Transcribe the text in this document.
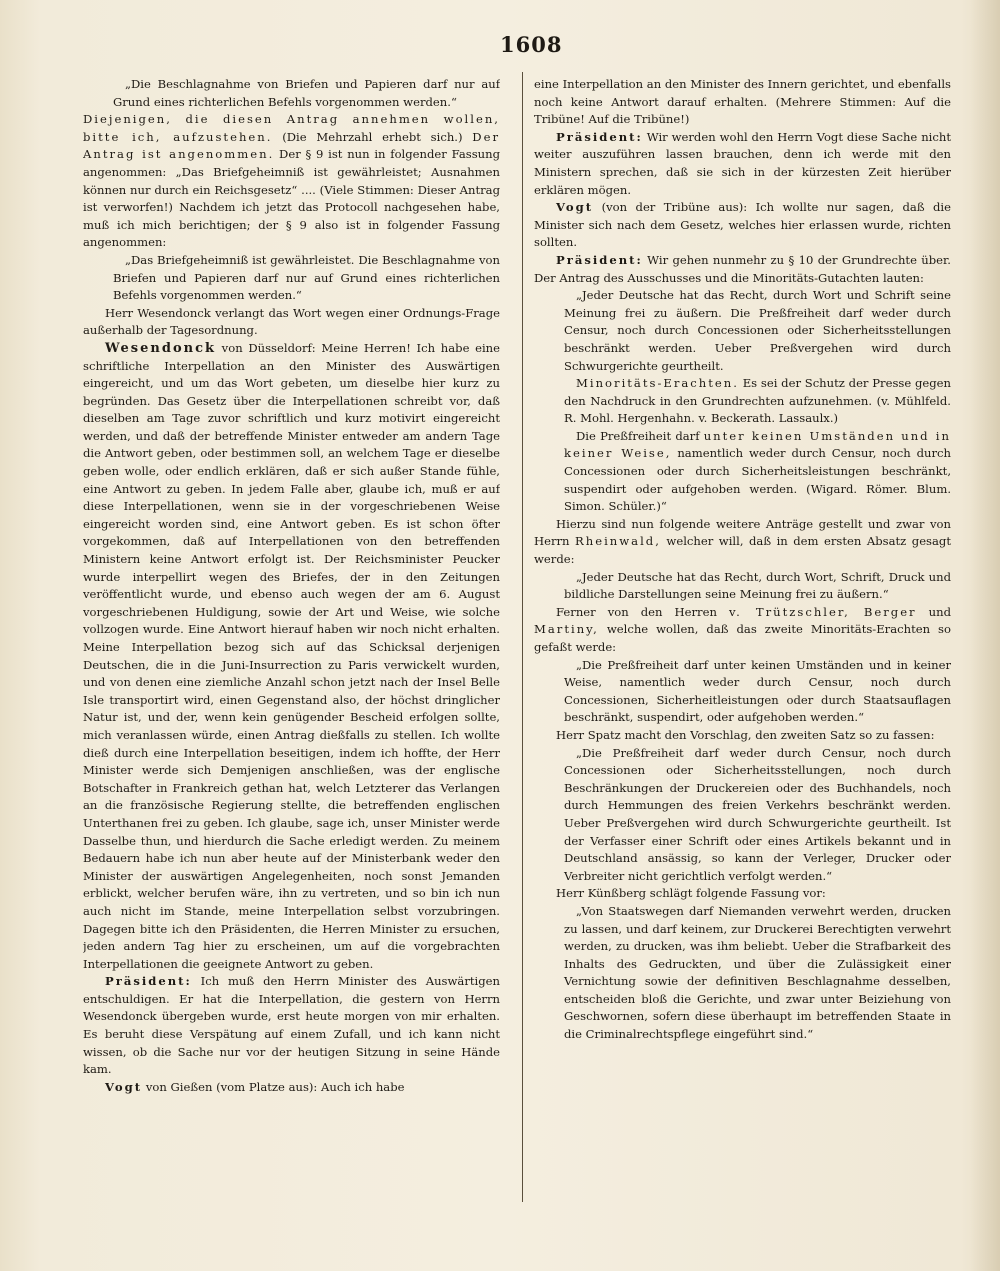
1608

„Die Beschlagnahme von Briefen und Papieren darf nur auf Grund eines richterlichen Befehls vorgenommen werden.“

Diejenigen, die diesen Antrag annehmen wollen, bitte ich, aufzustehen. (Die Mehrzahl erhebt sich.) Der Antrag ist angenommen. Der § 9 ist nun in folgender Fassung angenommen: „Das Briefgeheimniß ist gewährleistet; Ausnahmen können nur durch ein Reichsgesetz“ .... (Viele Stimmen: Dieser Antrag ist verworfen!) Nachdem ich jetzt das Protocoll nachgesehen habe, muß ich mich berichtigen; der § 9 also ist in folgender Fassung angenommen:

„Das Briefgeheimniß ist gewährleistet. Die Beschlagnahme von Briefen und Papieren darf nur auf Grund eines richterlichen Befehls vorgenommen werden.“

Herr Wesendonck verlangt das Wort wegen einer Ordnungs-Frage außerhalb der Tagesordnung.

Wesendonck von Düsseldorf: Meine Herren! Ich habe eine schriftliche Interpellation an den Minister des Auswärtigen eingereicht, und um das Wort gebeten, um dieselbe hier kurz zu begründen. Das Gesetz über die Interpellationen schreibt vor, daß dieselben am Tage zuvor schriftlich und kurz motivirt eingereicht werden, und daß der betreffende Minister entweder am andern Tage die Antwort geben, oder bestimmen soll, an welchem Tage er dieselbe geben wolle, oder endlich erklären, daß er sich außer Stande fühle, eine Antwort zu geben. In jedem Falle aber, glaube ich, muß er auf diese Interpellationen, wenn sie in der vorgeschriebenen Weise eingereicht worden sind, eine Antwort geben. Es ist schon öfter vorgekommen, daß auf Interpellationen von den betreffenden Ministern keine Antwort erfolgt ist. Der Reichsminister Peucker wurde interpellirt wegen des Briefes, der in den Zeitungen veröffentlicht wurde, und ebenso auch wegen der am 6. August vorgeschriebenen Huldigung, sowie der Art und Weise, wie solche vollzogen wurde. Eine Antwort hierauf haben wir noch nicht erhalten. Meine Interpellation bezog sich auf das Schicksal derjenigen Deutschen, die in die Juni-Insurrection zu Paris verwickelt wurden, und von denen eine ziemliche Anzahl schon jetzt nach der Insel Belle Isle transportirt wird, einen Gegenstand also, der höchst dringlicher Natur ist, und der, wenn kein genügender Bescheid erfolgen sollte, mich veranlassen würde, einen Antrag dießfalls zu stellen. Ich wollte dieß durch eine Interpellation beseitigen, indem ich hoffte, der Herr Minister werde sich Demjenigen anschließen, was der englische Botschafter in Frankreich gethan hat, welch Letzterer das Verlangen an die französische Regierung stellte, die betreffenden englischen Unterthanen frei zu geben. Ich glaube, sage ich, unser Minister werde Dasselbe thun, und hierdurch die Sache erledigt werden. Zu meinem Bedauern habe ich nun aber heute auf der Ministerbank weder den Minister der auswärtigen Angelegenheiten, noch sonst Jemanden erblickt, welcher berufen wäre, ihn zu vertreten, und so bin ich nun auch nicht im Stande, meine Interpellation selbst vorzubringen. Dagegen bitte ich den Präsidenten, die Herren Minister zu ersuchen, jeden andern Tag hier zu erscheinen, um auf die vorgebrachten Interpellationen die geeignete Antwort zu geben.

Präsident: Ich muß den Herrn Minister des Auswärtigen entschuldigen. Er hat die Interpellation, die gestern von Herrn Wesendonck übergeben wurde, erst heute morgen von mir erhalten. Es beruht diese Verspätung auf einem Zufall, und ich kann nicht wissen, ob die Sache nur vor der heutigen Sitzung in seine Hände kam.

Vogt von Gießen (vom Platze aus): Auch ich habe

eine Interpellation an den Minister des Innern gerichtet, und ebenfalls noch keine Antwort darauf erhalten. (Mehrere Stimmen: Auf die Tribüne! Auf die Tribüne!)

Präsident: Wir werden wohl den Herrn Vogt diese Sache nicht weiter auszuführen lassen brauchen, denn ich werde mit den Ministern sprechen, daß sie sich in der kürzesten Zeit hierüber erklären mögen.

Vogt (von der Tribüne aus): Ich wollte nur sagen, daß die Minister sich nach dem Gesetz, welches hier erlassen wurde, richten sollten.

Präsident: Wir gehen nunmehr zu § 10 der Grundrechte über. Der Antrag des Ausschusses und die Minoritäts-Gutachten lauten:

„Jeder Deutsche hat das Recht, durch Wort und Schrift seine Meinung frei zu äußern. Die Preßfreiheit darf weder durch Censur, noch durch Concessionen oder Sicherheitsstellungen beschränkt werden. Ueber Preßvergehen wird durch Schwurgerichte geurtheilt.

Minoritäts-Erachten. Es sei der Schutz der Presse gegen den Nachdruck in den Grundrechten aufzunehmen. (v. Mühlfeld. R. Mohl. Hergenhahn. v. Beckerath. Lassaulx.)

Die Preßfreiheit darf unter keinen Umständen und in keiner Weise, namentlich weder durch Censur, noch durch Concessionen oder durch Sicherheitsleistungen beschränkt, suspendirt oder aufgehoben werden. (Wigard. Römer. Blum. Simon. Schüler.)“

Hierzu sind nun folgende weitere Anträge gestellt und zwar von Herrn Rheinwald, welcher will, daß in dem ersten Absatz gesagt werde:

„Jeder Deutsche hat das Recht, durch Wort, Schrift, Druck und bildliche Darstellungen seine Meinung frei zu äußern.“

Ferner von den Herren v. Trützschler, Berger und Martiny, welche wollen, daß das zweite Minoritäts-Erachten so gefaßt werde:

„Die Preßfreiheit darf unter keinen Umständen und in keiner Weise, namentlich weder durch Censur, noch durch Concessionen, Sicherheitleistungen oder durch Staatsauflagen beschränkt, suspendirt, oder aufgehoben werden.“

Herr Spatz macht den Vorschlag, den zweiten Satz so zu fassen:

„Die Preßfreiheit darf weder durch Censur, noch durch Concessionen oder Sicherheitsstellungen, noch durch Beschränkungen der Druckereien oder des Buchhandels, noch durch Hemmungen des freien Verkehrs beschränkt werden. Ueber Preßvergehen wird durch Schwurgerichte geurtheilt. Ist der Verfasser einer Schrift oder eines Artikels bekannt und in Deutschland ansässig, so kann der Verleger, Drucker oder Verbreiter nicht gerichtlich verfolgt werden.“

Herr Künßberg schlägt folgende Fassung vor:

„Von Staatswegen darf Niemanden verwehrt werden, drucken zu lassen, und darf keinem, zur Druckerei Berechtigten verwehrt werden, zu drucken, was ihm beliebt. Ueber die Strafbarkeit des Inhalts des Gedruckten, und über die Zulässigkeit einer Vernichtung sowie der definitiven Beschlagnahme desselben, entscheiden bloß die Gerichte, und zwar unter Beiziehung von Geschwornen, sofern diese überhaupt im betreffenden Staate in die Criminalrechtspflege eingeführt sind.“
